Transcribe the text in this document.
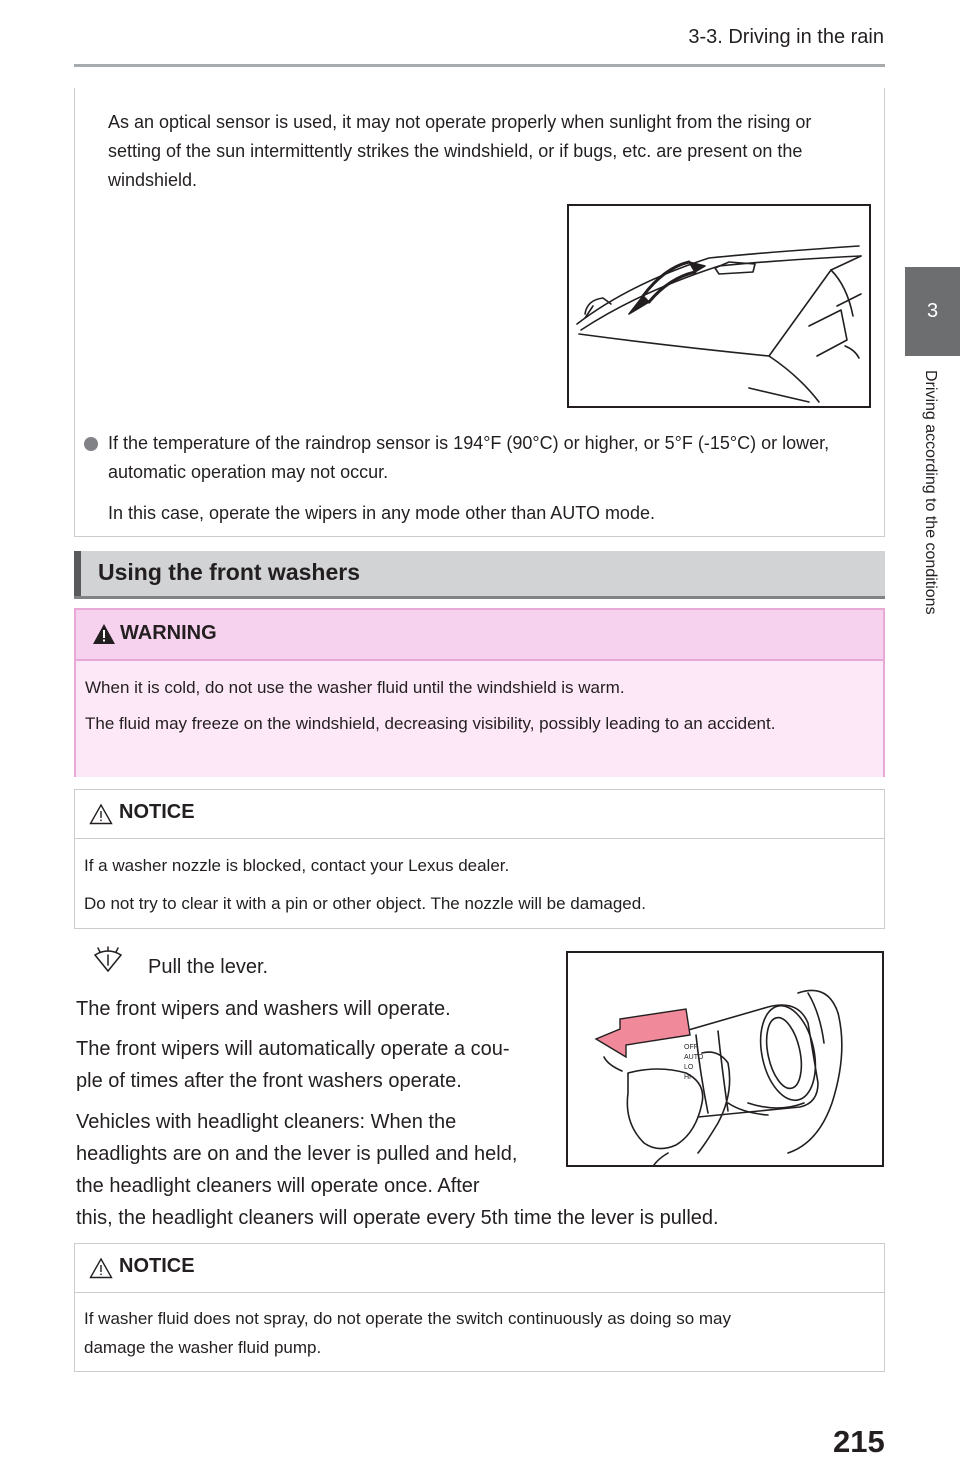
3-3. Driving in the rain
3
Driving according to the conditions
As an optical sensor is used, it may not operate properly when sunlight from the rising or setting of the sun intermittently strikes the windshield, or if bugs, etc. are present on the windshield.
If the temperature of the raindrop sensor is 194°F (90°C) or higher, or 5°F (-15°C) or lower, automatic operation may not occur.
In this case, operate the wipers in any mode other than AUTO mode.
Using the front washers
WARNING
When it is cold, do not use the washer fluid until the windshield is warm.
The fluid may freeze on the windshield, decreasing visibility, possibly leading to an accident.
NOTICE
If a washer nozzle is blocked, contact your Lexus dealer.
Do not try to clear it with a pin or other object. The nozzle will be damaged.
Pull the lever.
The front wipers and washers will operate.
The front wipers will automatically operate a cou-
ple of times after the front washers operate.
Vehicles with headlight cleaners: When the
headlights are on and the lever is pulled and held,
the headlight cleaners will operate once. After
this, the headlight cleaners will operate every 5th time the lever is pulled.
OFF
AUTO
LO
HI
NOTICE
If washer fluid does not spray, do not operate the switch continuously as doing so may
damage the washer fluid pump.
215
